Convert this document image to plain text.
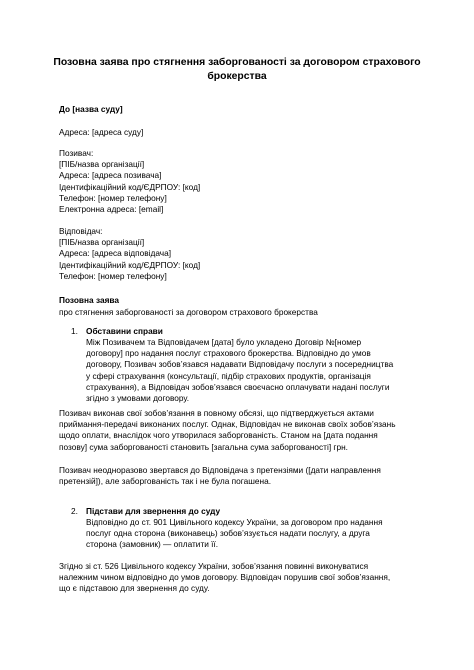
Позовна заява про стягнення заборгованості за договором страхового
брокерства
До [назва суду]
Адреса: [адреса суду]
Позивач:
[ПІБ/назва організації]
Адреса: [адреса позивача]
Ідентифікаційний код/ЄДРПОУ: [код]
Телефон: [номер телефону]
Електронна адреса: [email]
Відповідач:
[ПІБ/назва організації]
Адреса: [адреса відповідача]
Ідентифікаційний код/ЄДРПОУ: [код]
Телефон: [номер телефону]
Позовна заява
про стягнення заборгованості за договором страхового брокерства
1. Обставини справи
Між Позивачем та Відповідачем [дата] було укладено Договір №[номер
договору] про надання послуг страхового брокерства. Відповідно до умов
договору, Позивач зобов’язався надавати Відповідачу послуги з посередництва
у сфері страхування (консультації, підбір страхових продуктів, організація
страхування), а Відповідач зобов’язався своєчасно оплачувати надані послуги
згідно з умовами договору.
Позивач виконав свої зобов’язання в повному обсязі, що підтверджується актами
приймання-передачі виконаних послуг. Однак, Відповідач не виконав своїх зобов’язань
щодо оплати, внаслідок чого утворилася заборгованість. Станом на [дата подання
позову] сума заборгованості становить [загальна сума заборгованості] грн.
Позивач неодноразово звертався до Відповідача з претензіями ([дати направлення
претензій]), але заборгованість так і не була погашена.
2. Підстави для звернення до суду
Відповідно до ст. 901 Цивільного кодексу України, за договором про надання
послуг одна сторона (виконавець) зобов’язується надати послугу, а друга
сторона (замовник) — оплатити її.
Згідно зі ст. 526 Цивільного кодексу України, зобов’язання повинні виконуватися
належним чином відповідно до умов договору. Відповідач порушив свої зобов’язання,
що є підставою для звернення до суду.
